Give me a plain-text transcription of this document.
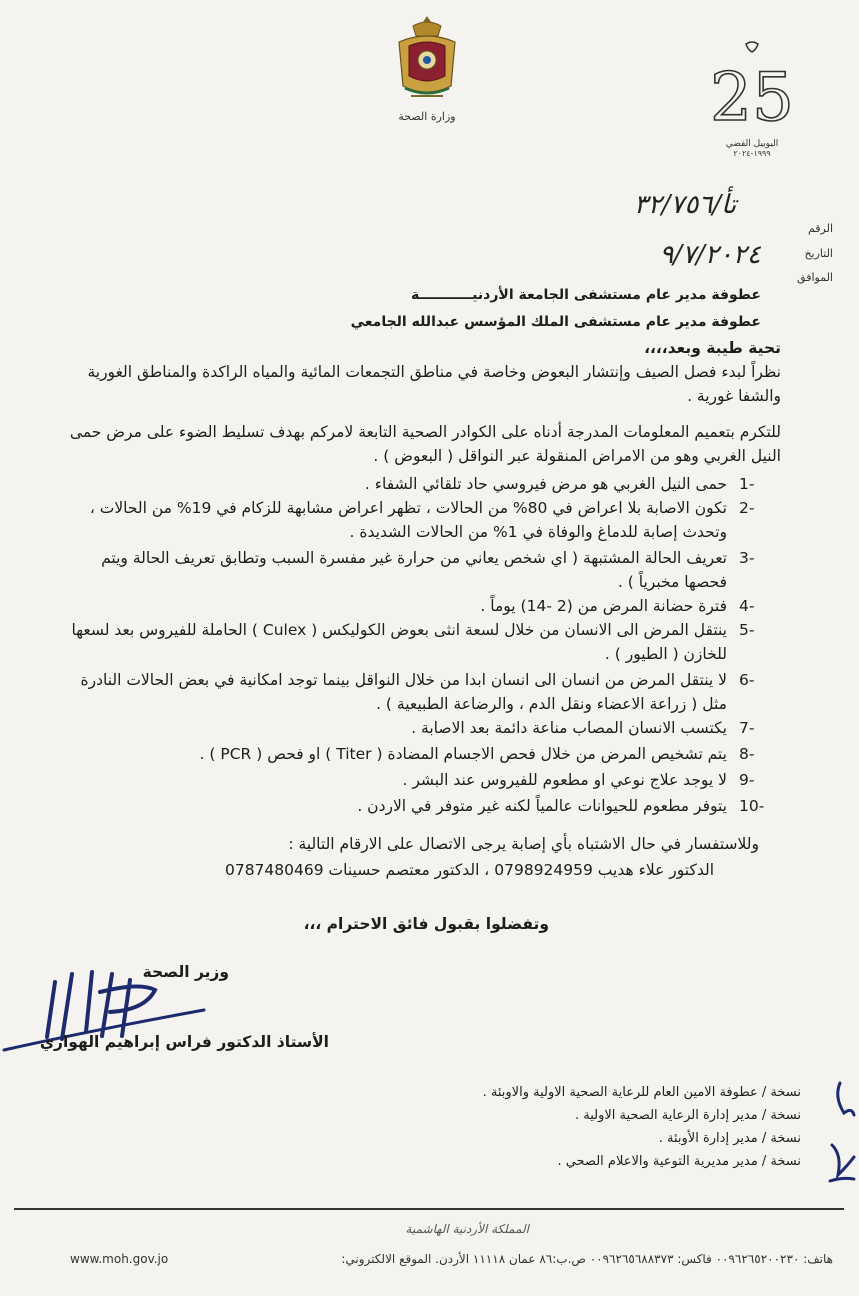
وزارة الصحة	25
اليوبيل الفضي
١٩٩٩-٢٠٢٤
الرقم
التاريخ
الموافق
تأ/٣٢/٧٥٦
٩/٧/٢٠٢٤
عطوفة مدير عام مستشفى الجامعة الأردنيـــــــــــة
عطوفة مدير عام مستشفى الملك المؤسس عبدالله الجامعي
تحية طيبة وبعد،،،،
نظراً لبدء فصل الصيف وإنتشار البعوض وخاصة في مناطق التجمعات المائية والمياه الراكدة والمناطق الغورية والشفا غورية .
للتكرم بتعميم المعلومات المدرجة أدناه على الكوادر الصحية التابعة لامركم بهدف تسليط الضوء على مرض حمى النيل الغربي وهو من الامراض المنقولة عبر النواقل ( البعوض ) .
1-
حمى النيل الغربي هو مرض فيروسي حاد تلقائي الشفاء .
2-
تكون الاصابة بلا اعراض في 80% من الحالات ، تظهر اعراض مشابهة للزكام في 19% من الحالات ، وتحدث إصابة للدماغ والوفاة في 1% من الحالات الشديدة .
3-
تعريف الحالة المشتبهة ( اي شخص يعاني من حرارة غير مفسرة السبب وتطابق تعريف الحالة ويتم فحصها مخبرياً ) .
4-
فترة حضانة المرض من (2 -14) يوماً .
5-
ينتقل المرض الى الانسان من خلال لسعة انثى بعوض الكوليكس ( Culex ) الحاملة للفيروس بعد لسعها للخازن ( الطيور ) .
6-
لا ينتقل المرض من انسان الى انسان ابدا من خلال النواقل بينما توجد امكانية في بعض الحالات النادرة مثل ( زراعة الاعضاء ونقل الدم ، والرضاعة الطبيعية ) .
7-
يكتسب الانسان المصاب مناعة دائمة بعد الاصابة .
8-
يتم تشخيص المرض من خلال فحص الاجسام المضادة ( Titer ) او فحص ( PCR ) .
9-
لا يوجد علاج نوعي او مطعوم للفيروس عند البشر .
10-
يتوفر مطعوم للحيوانات عالمياً لكنه غير متوفر في الاردن .
وللاستفسار في حال الاشتباه بأي إصابة يرجى الاتصال على الارقام التالية :
الدكتور علاء هديب 0798924959 ، الدكتور معتصم حسينات 0787480469
وتفضلوا بقبول فائق الاحترام ،،،
وزير الصحة
الأستاذ الدكتور فراس إبراهيم الهواري
نسخة / عطوفة الامين العام للرعاية الصحية الاولية والاوبئة .
نسخة / مدير إدارة الرعاية الصحية الاولية .
نسخة / مدير إدارة الأوبئة .
نسخة / مدير مديرية التوعية والاعلام الصحي .
المملكة الأردنية الهاشمية
هاتف: ٠٠٩٦٢٦٥٢٠٠٢٣٠ فاكس: ٠٠٩٦٢٦٥٦٨٨٣٧٣ ص.ب:٨٦ عمان ١١١١٨ الأردن. الموقع الالكتروني:
www.moh.gov.jo
